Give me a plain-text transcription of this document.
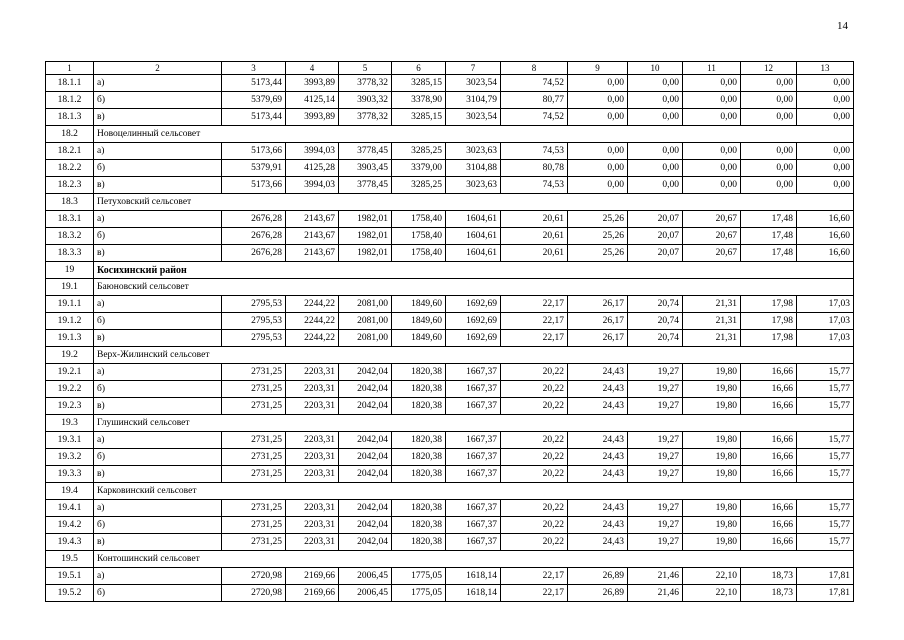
14
1	2	3	4	5	6	7	8	9	10	11	12	13
18.1.1	а)	5173,44	3993,89	3778,32	3285,15	3023,54	74,52	0,00	0,00	0,00	0,00	0,00
18.1.2	б)	5379,69	4125,14	3903,32	3378,90	3104,79	80,77	0,00	0,00	0,00	0,00	0,00
18.1.3	в)	5173,44	3993,89	3778,32	3285,15	3023,54	74,52	0,00	0,00	0,00	0,00	0,00
18.2	Новоцелинный сельсовет											
18.2.1	а)	5173,66	3994,03	3778,45	3285,25	3023,63	74,53	0,00	0,00	0,00	0,00	0,00
18.2.2	б)	5379,91	4125,28	3903,45	3379,00	3104,88	80,78	0,00	0,00	0,00	0,00	0,00
18.2.3	в)	5173,66	3994,03	3778,45	3285,25	3023,63	74,53	0,00	0,00	0,00	0,00	0,00
18.3	Петуховский сельсовет											
18.3.1	а)	2676,28	2143,67	1982,01	1758,40	1604,61	20,61	25,26	20,07	20,67	17,48	16,60
18.3.2	б)	2676,28	2143,67	1982,01	1758,40	1604,61	20,61	25,26	20,07	20,67	17,48	16,60
18.3.3	в)	2676,28	2143,67	1982,01	1758,40	1604,61	20,61	25,26	20,07	20,67	17,48	16,60
19	Косихинский район											
19.1	Баюновский сельсовет											
19.1.1	а)	2795,53	2244,22	2081,00	1849,60	1692,69	22,17	26,17	20,74	21,31	17,98	17,03
19.1.2	б)	2795,53	2244,22	2081,00	1849,60	1692,69	22,17	26,17	20,74	21,31	17,98	17,03
19.1.3	в)	2795,53	2244,22	2081,00	1849,60	1692,69	22,17	26,17	20,74	21,31	17,98	17,03
19.2	Верх-Жилинский сельсовет											
19.2.1	а)	2731,25	2203,31	2042,04	1820,38	1667,37	20,22	24,43	19,27	19,80	16,66	15,77
19.2.2	б)	2731,25	2203,31	2042,04	1820,38	1667,37	20,22	24,43	19,27	19,80	16,66	15,77
19.2.3	в)	2731,25	2203,31	2042,04	1820,38	1667,37	20,22	24,43	19,27	19,80	16,66	15,77
19.3	Глушинский сельсовет											
19.3.1	а)	2731,25	2203,31	2042,04	1820,38	1667,37	20,22	24,43	19,27	19,80	16,66	15,77
19.3.2	б)	2731,25	2203,31	2042,04	1820,38	1667,37	20,22	24,43	19,27	19,80	16,66	15,77
19.3.3	в)	2731,25	2203,31	2042,04	1820,38	1667,37	20,22	24,43	19,27	19,80	16,66	15,77
19.4	Карковинский сельсовет											
19.4.1	а)	2731,25	2203,31	2042,04	1820,38	1667,37	20,22	24,43	19,27	19,80	16,66	15,77
19.4.2	б)	2731,25	2203,31	2042,04	1820,38	1667,37	20,22	24,43	19,27	19,80	16,66	15,77
19.4.3	в)	2731,25	2203,31	2042,04	1820,38	1667,37	20,22	24,43	19,27	19,80	16,66	15,77
19.5	Контошинский сельсовет											
19.5.1	а)	2720,98	2169,66	2006,45	1775,05	1618,14	22,17	26,89	21,46	22,10	18,73	17,81
19.5.2	б)	2720,98	2169,66	2006,45	1775,05	1618,14	22,17	26,89	21,46	22,10	18,73	17,81
